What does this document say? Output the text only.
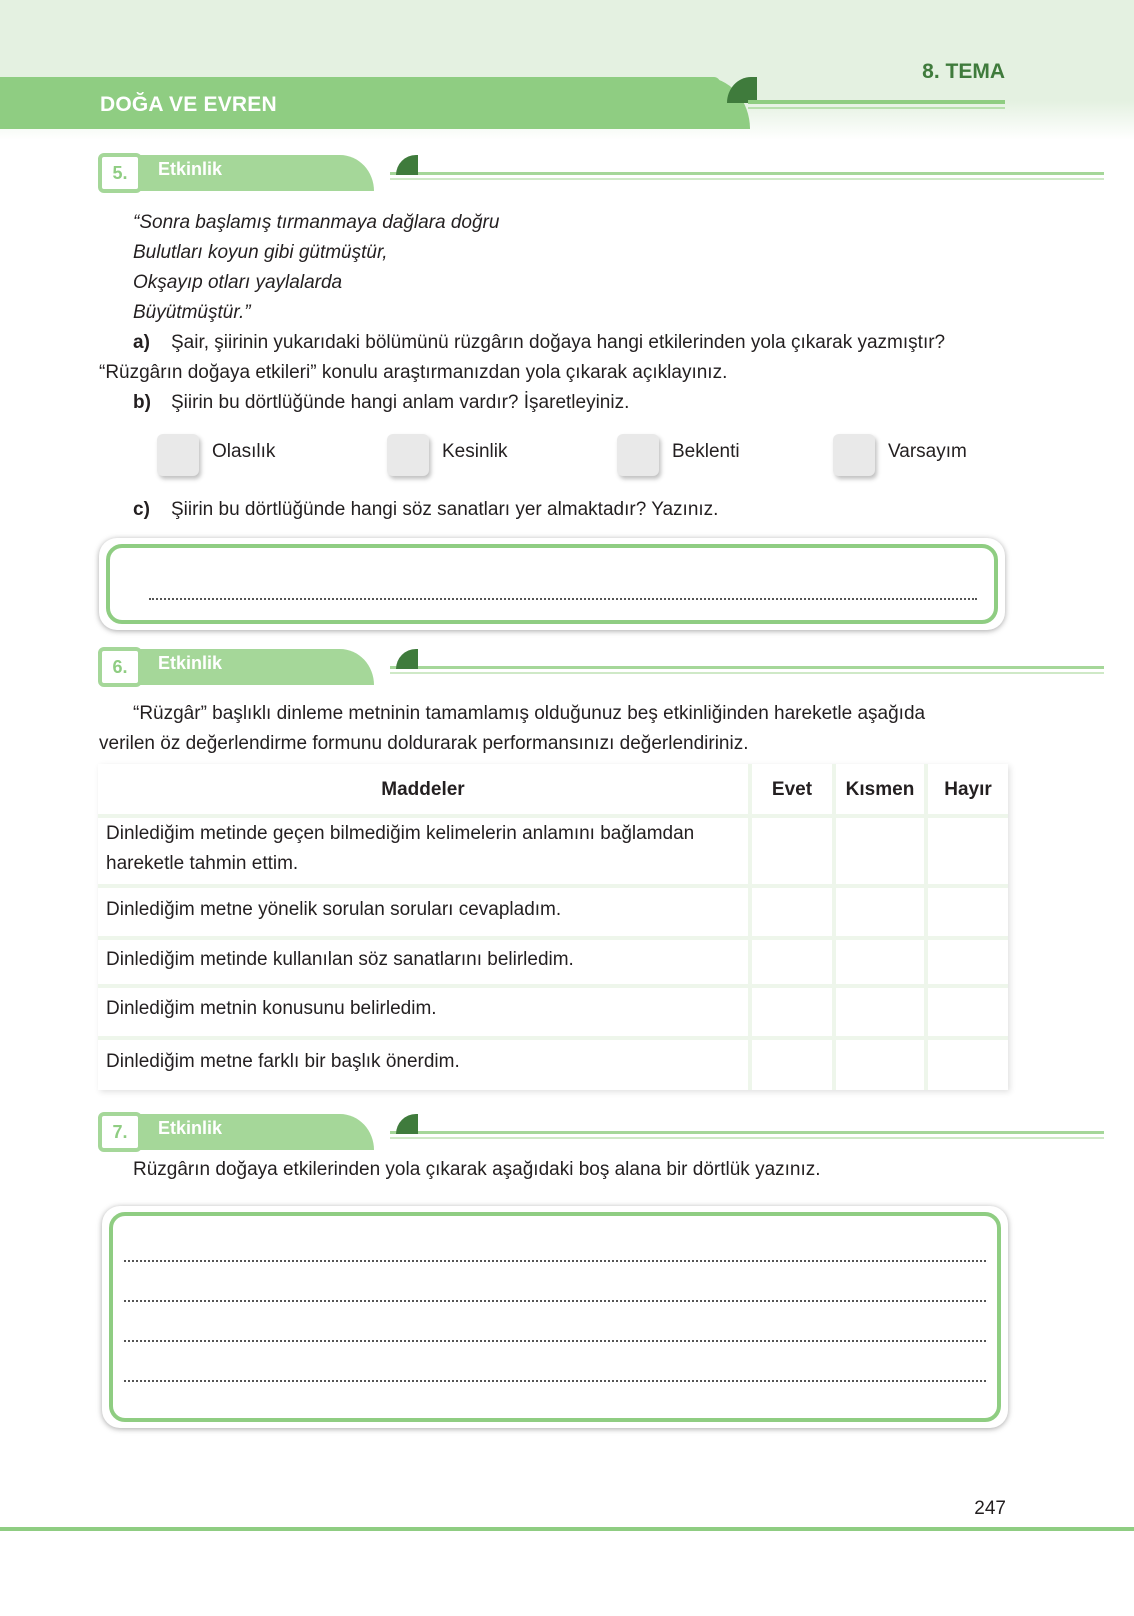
DOĞA VE EVREN
8. TEMA
5.	Etkinlik
“Sonra başlamış tırmanmaya dağlara doğru
Bulutları koyun gibi gütmüştür,
Okşayıp otları yaylalarda
Büyütmüştür.”
a) Şair, şiirinin yukarıdaki bölümünü rüzgârın doğaya hangi etkilerinden yola çıkarak yazmıştır?
“Rüzgârın doğaya etkileri” konulu araştırmanızdan yola çıkarak açıklayınız.
b) Şiirin bu dörtlüğünde hangi anlam vardır? İşaretleyiniz.
Olasılık	Kesinlik	Beklenti	Varsayım
c) Şiirin bu dörtlüğünde hangi söz sanatları yer almaktadır? Yazınız.
6.	Etkinlik
“Rüzgâr” başlıklı dinleme metninin tamamlamış olduğunuz beş etkinliğinden hareketle aşağıda
verilen öz değerlendirme formunu doldurarak performansınızı değerlendiriniz.
Maddeler	Evet	Kısmen	Hayır
Dinlediğim metinde geçen bilmediğim kelimelerin anlamını bağlamdan
hareketle tahmin ettim.
Dinlediğim metne yönelik sorulan soruları cevapladım.
Dinlediğim metinde kullanılan söz sanatlarını belirledim.
Dinlediğim metnin konusunu belirledim.
Dinlediğim metne farklı bir başlık önerdim.
7.	Etkinlik
Rüzgârın doğaya etkilerinden yola çıkarak aşağıdaki boş alana bir dörtlük yazınız.
247
